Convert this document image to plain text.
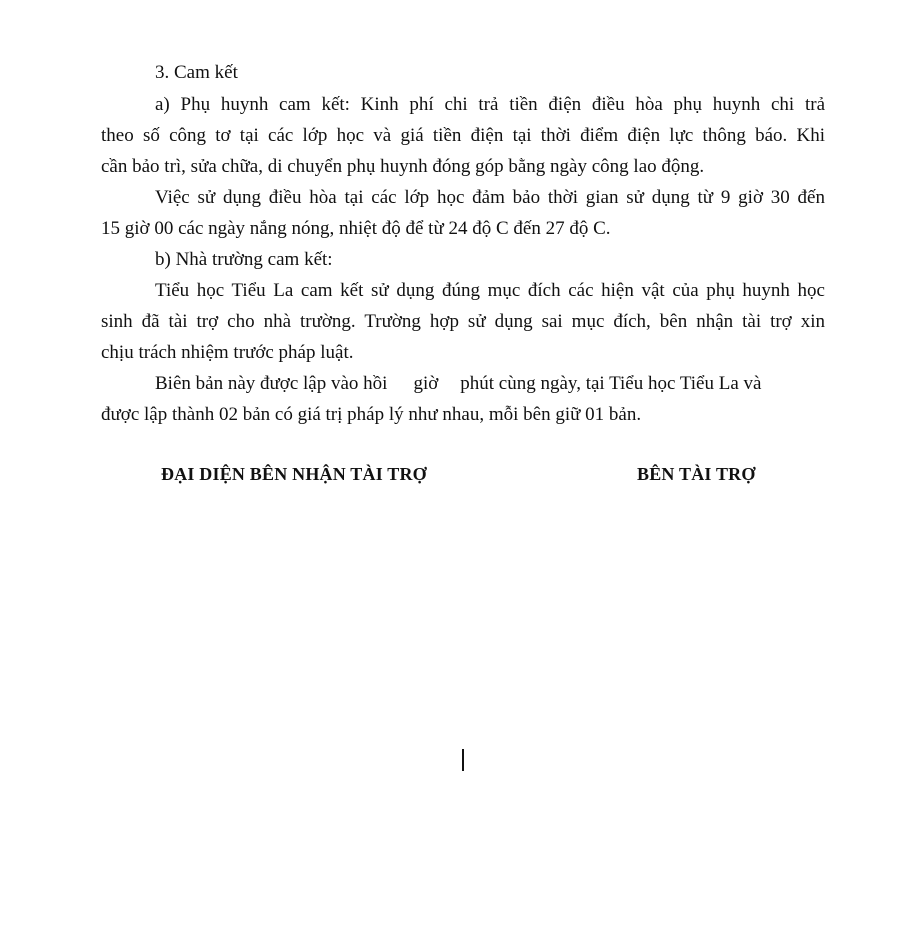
3. Cam kết
a) Phụ huynh cam kết: Kinh phí chi trả tiền điện điều hòa phụ huynh chi trả
theo số công tơ tại các lớp học và giá tiền điện tại thời điểm điện lực thông báo. Khi
cần bảo trì, sửa chữa, di chuyển phụ huynh đóng góp bằng ngày công lao động.
Việc sử dụng điều hòa tại các lớp học đảm bảo thời gian sử dụng từ 9 giờ 30 đến
15 giờ 00 các ngày nắng nóng, nhiệt độ để từ 24 độ C đến 27 độ C.
b) Nhà trường cam kết:
Tiểu học Tiểu La cam kết sử dụng đúng mục đích các hiện vật của phụ huynh học
sinh đã tài trợ cho nhà trường. Trường hợp sử dụng sai mục đích, bên nhận tài trợ xin
chịu trách nhiệm trước pháp luật.
Biên bản này được lập vào hồi giờ phút cùng ngày, tại Tiểu học Tiểu La và
được lập thành 02 bản có giá trị pháp lý như nhau, mỗi bên giữ 01 bản.
ĐẠI DIỆN BÊN NHẬN TÀI TRỢ	BÊN TÀI TRỢ
